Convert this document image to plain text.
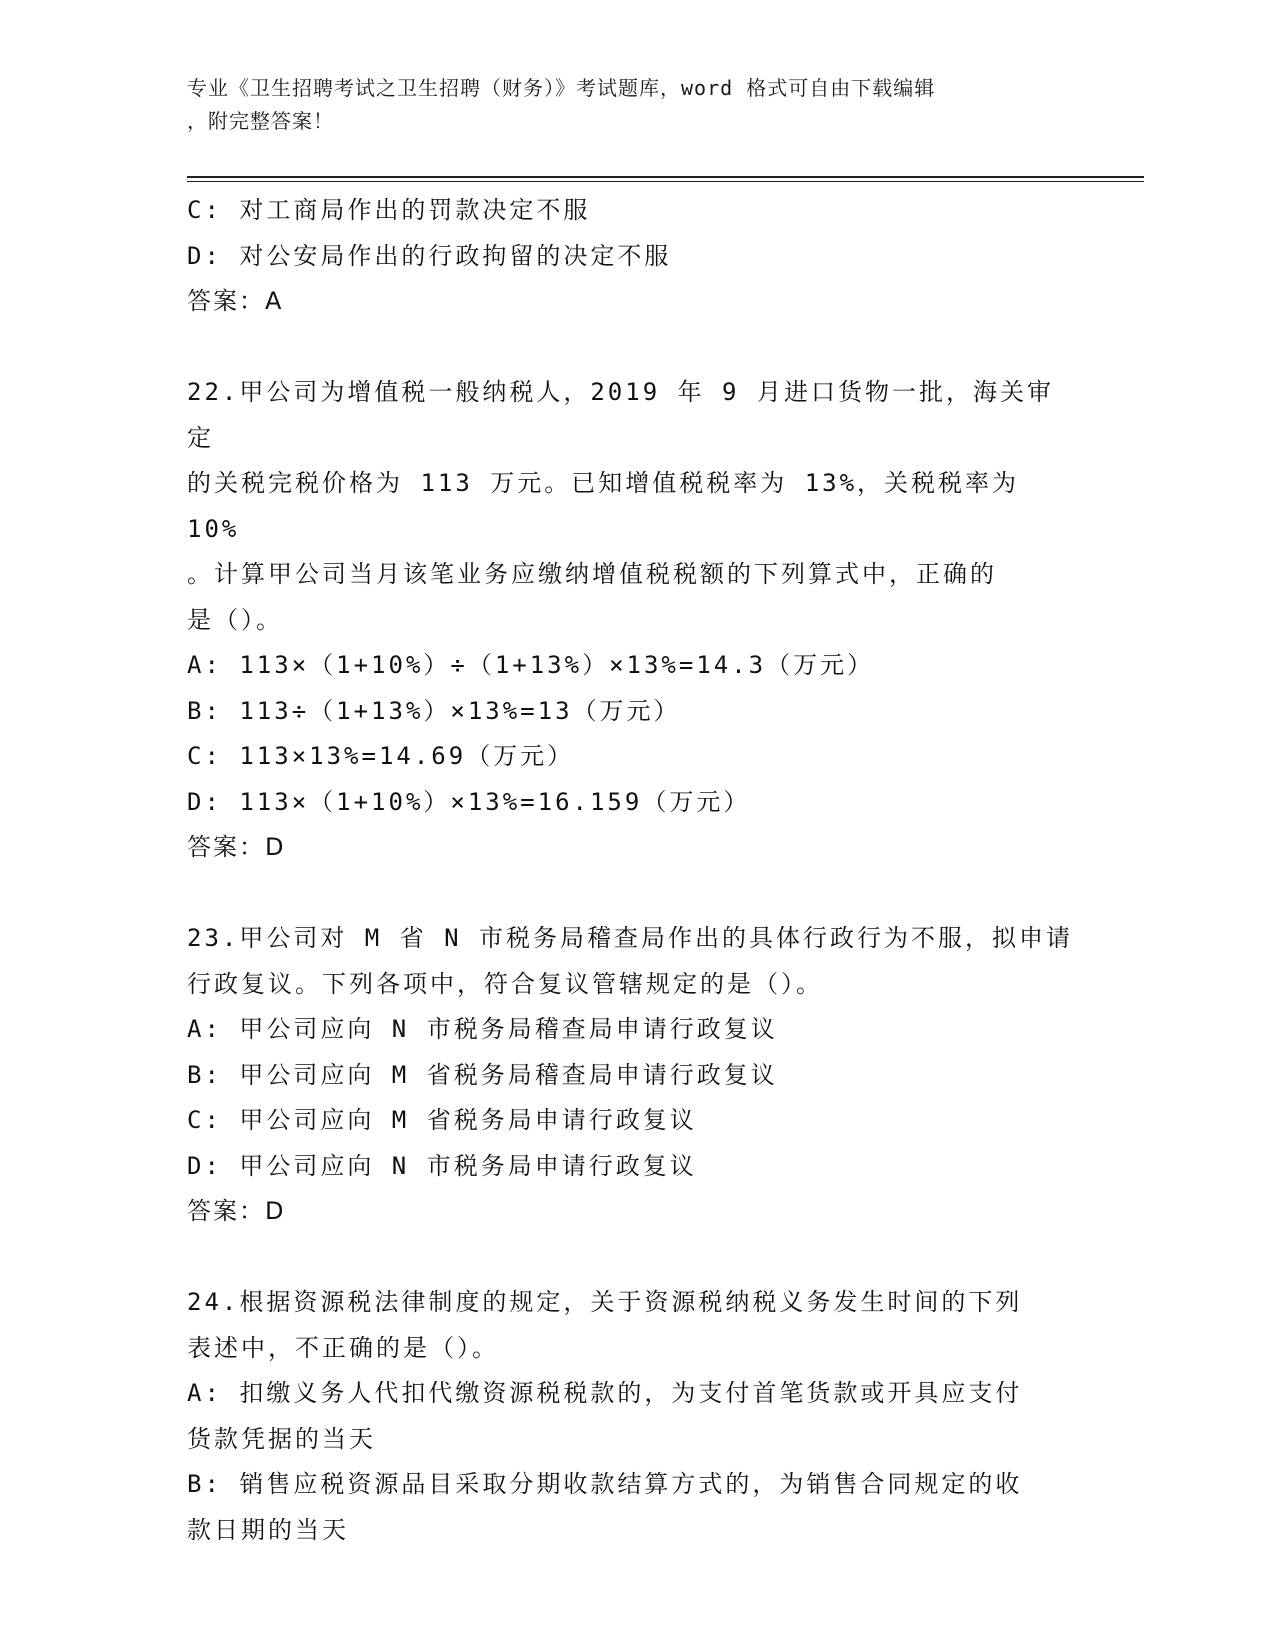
专业《卫生招聘考试之卫生招聘（财务）》考试题库，word 格式可自由下载编辑
，附完整答案！
C: 对工商局作出的罚款决定不服
D: 对公安局作出的行政拘留的决定不服
答案：A
22.甲公司为增值税一般纳税人，2019 年 9 月进口货物一批，海关审定
的关税完税价格为 113 万元。已知增值税税率为 13%，关税税率为 10%
。计算甲公司当月该笔业务应缴纳增值税税额的下列算式中，正确的
是（）。
A: 113×（1+10%）÷（1+13%）×13%=14.3（万元）
B: 113÷（1+13%）×13%=13（万元）
C: 113×13%=14.69（万元）
D: 113×（1+10%）×13%=16.159（万元）
答案：D
23.甲公司对 M 省 N 市税务局稽查局作出的具体行政行为不服，拟申请
行政复议。下列各项中，符合复议管辖规定的是（）。
A: 甲公司应向 N 市税务局稽查局申请行政复议
B: 甲公司应向 M 省税务局稽查局申请行政复议
C: 甲公司应向 M 省税务局申请行政复议
D: 甲公司应向 N 市税务局申请行政复议
答案：D
24.根据资源税法律制度的规定，关于资源税纳税义务发生时间的下列
表述中，不正确的是（）。
A: 扣缴义务人代扣代缴资源税税款的，为支付首笔货款或开具应支付
货款凭据的当天
B: 销售应税资源品目采取分期收款结算方式的，为销售合同规定的收
款日期的当天
